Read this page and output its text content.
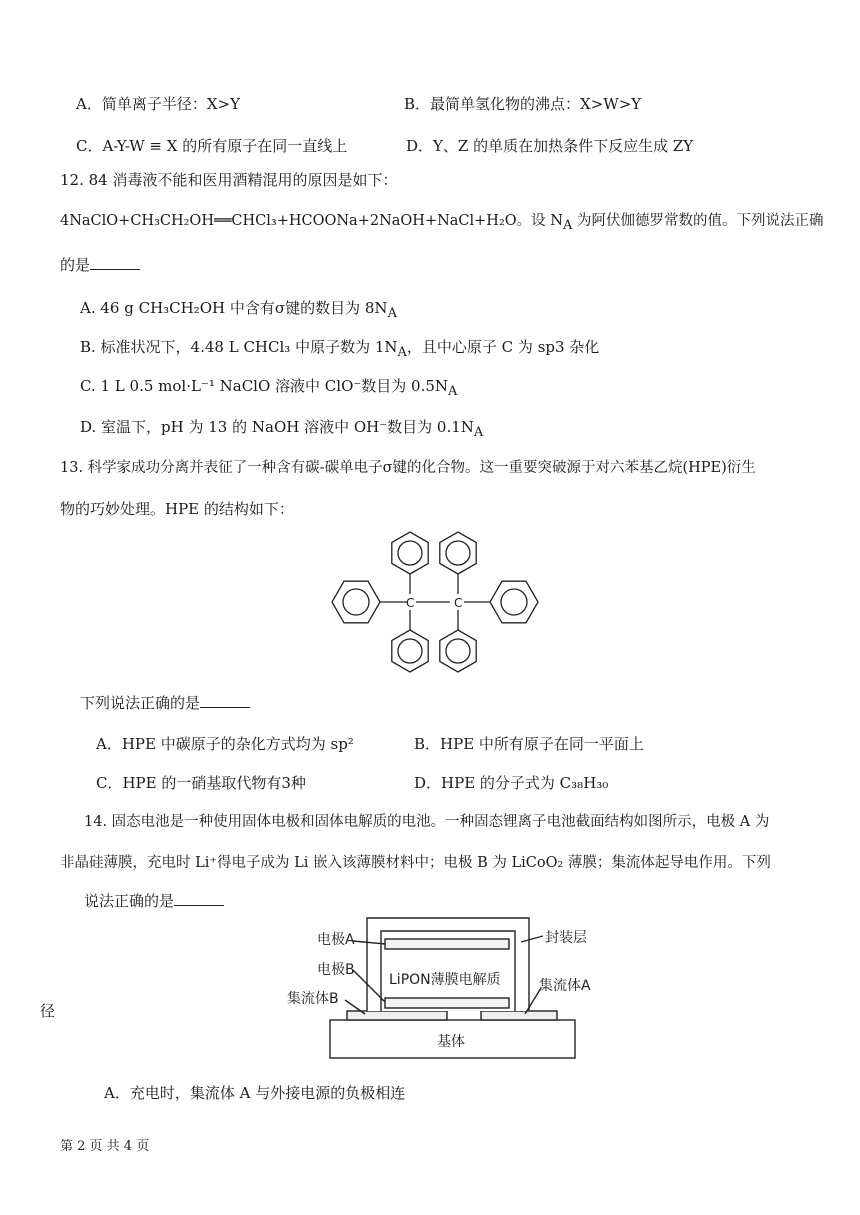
A．简单离子半径：X>Y	B．最简单氢化物的沸点：X>W>Y
C．A-Y-W ≡ X 的所有原子在同一直线上	D．Y、Z 的单质在加热条件下反应生成 ZY
12. 84 消毒液不能和医用酒精混用的原因是如下：
4NaClO+CH₃CH₂OH══CHCl₃+HCOONa+2NaOH+NaCl+H₂O。设 $N_A$ 为阿伏伽德罗常数的值。下列说法正确
的是
A. 46 g CH₃CH₂OH 中含有σ键的数目为 $8N_A$
B. 标准状况下，4.48 L CHCl₃ 中原子数为 $1N_A$，且中心原子 C 为 sp3 杂化
C. 1 L 0.5 mol·L⁻¹ NaClO 溶液中 ClO⁻数目为 $0.5N_A$
D. 室温下，pH 为 13 的 NaOH 溶液中 OH⁻数目为 $0.1N_A$
13. 科学家成功分离并表征了一种含有碳-碳单电子σ键的化合物。这一重要突破源于对六苯基乙烷(HPE)衍生
物的巧妙处理。HPE 的结构如下：
C	C
下列说法正确的是
A．HPE 中碳原子的杂化方式均为 sp²	B．HPE 中所有原子在同一平面上
C．HPE 的一硝基取代物有3种	D．HPE 的分子式为 C₃₈H₃₀
14. 固态电池是一种使用固体电极和固体电解质的电池。一种固态锂离子电池截面结构如图所示，电极 A 为
非晶硅薄膜，充电时 Li⁺得电子成为 Li 嵌入该薄膜材料中；电极 B 为 LiCoO₂ 薄膜；集流体起导电作用。下列
说法正确的是
电极A
电极B
集流体B
封装层
集流体A
LiPON薄膜电解质
基体
径
A．充电时，集流体 A 与外接电源的负极相连
第 2 页 共 4 页
